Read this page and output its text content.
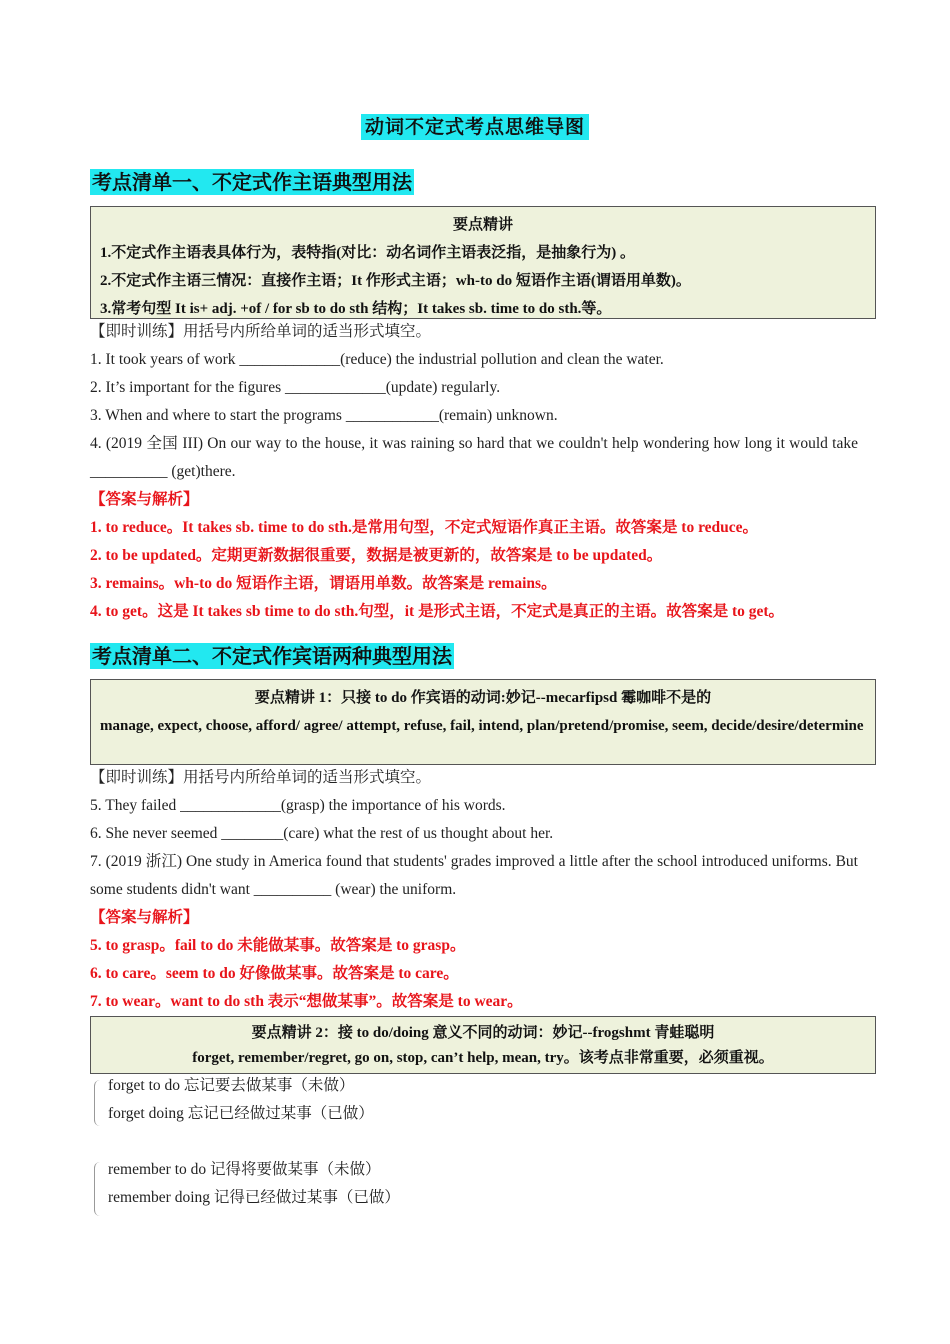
动词不定式考点思维导图
考点清单一、不定式作主语典型用法
要点精讲
1.不定式作主语表具体行为，表特指(对比：动名词作主语表泛指，是抽象行为) 。
2.不定式作主语三情况：直接作主语；It 作形式主语；wh-to do 短语作主语(谓语用单数)。
3.常考句型 It is+ adj. +of / for sb to do sth 结构；It takes sb. time to do sth.等。
【即时训练】用括号内所给单词的适当形式填空。
1. It took years of work _____________(reduce) the industrial pollution and clean the water.
2. It’s important for the figures _____________(update) regularly.
3. When and where to start the programs ____________(remain) unknown.
4. (2019 全国 III) On our way to the house, it was raining so hard that we couldn't help wondering how long it would take __________ (get)there.
【答案与解析】
1. to reduce。It takes sb. time to do sth.是常用句型，不定式短语作真正主语。故答案是 to reduce。
2. to be updated。定期更新数据很重要，数据是被更新的，故答案是 to be updated。
3. remains。wh-to do 短语作主语，谓语用单数。故答案是 remains。
4. to get。这是 It takes sb time to do sth.句型，it 是形式主语，不定式是真正的主语。故答案是 to get。
考点清单二、不定式作宾语两种典型用法
要点精讲 1：只接 to do 作宾语的动词:妙记--mecarfipsd 霉咖啡不是的
manage, expect, choose, afford/ agree/ attempt, refuse, fail, intend, plan/pretend/promise, seem, decide/desire/determine
【即时训练】用括号内所给单词的适当形式填空。
5. They failed _____________(grasp) the importance of his words.
6. She never seemed ________(care) what the rest of us thought about her.
7. (2019 浙江) One study in America found that students' grades improved a little after the school introduced uniforms. But some students didn't want __________ (wear) the uniform.
【答案与解析】
5. to grasp。fail to do 未能做某事。故答案是 to grasp。
6. to care。seem to do 好像做某事。故答案是 to care。
7. to wear。want to do sth 表示“想做某事”。故答案是 to wear。
要点精讲 2：接 to do/doing 意义不同的动词：妙记--frogshmt 青蛙聪明
forget, remember/regret, go on, stop, can’t help, mean, try。该考点非常重要，必须重视。
forget to do 忘记要去做某事（未做）
forget doing 忘记已经做过某事（已做）
remember to do 记得将要做某事（未做）
remember doing 记得已经做过某事（已做）
